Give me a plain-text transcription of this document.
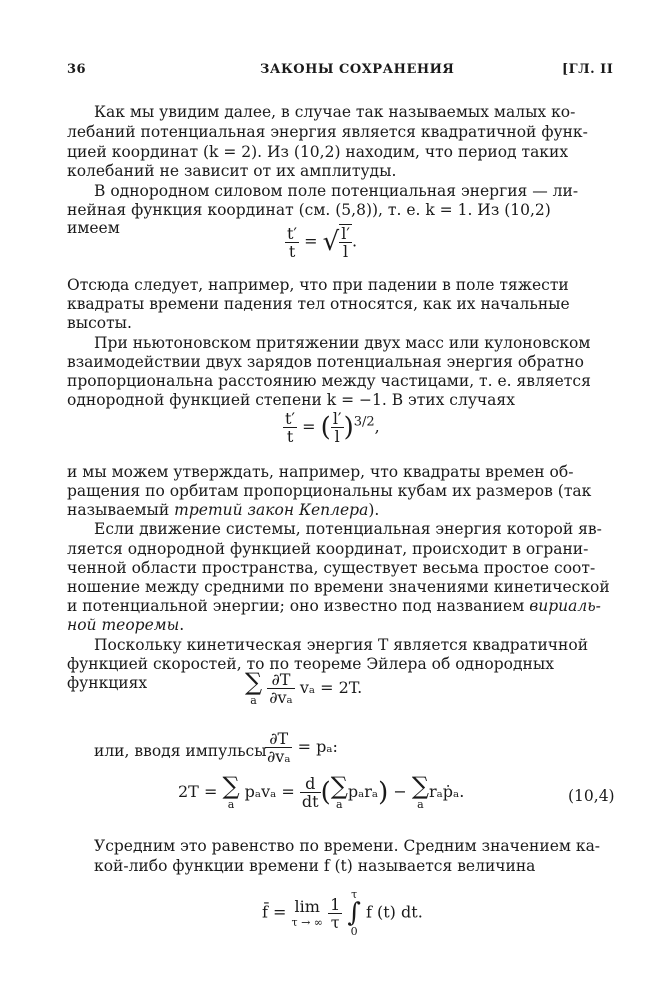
36	ЗАКОНЫ СОХРАНЕНИЯ	[ГЛ. II
Как мы увидим далее, в случае так называемых малых ко-
лебаний потенциальная энергия является квадратичной функ-
цией координат (k = 2). Из (10,2) находим, что период таких
колебаний не зависит от их амплитуды.
В однородном силовом поле потенциальная энергия — ли-
нейная функция координат (см. (5,8)), т. е. k = 1. Из (10,2)
имеем	$\frac{t'}{t}$ = √ $\frac{l'}{l}$ .
Отсюда следует, например, что при падении в поле тяжести
квадраты времени падения тел относятся, как их начальные
высоты.
При ньютоновском притяжении двух масс или кулоновском
взаимодействии двух зарядов потенциальная энергия обратно
пропорциональна расстоянию между частицами, т. е. является
однородной функцией степени k = −1. В этих случаях
$\frac{t'}{t}$ = ( $\frac{l'}{l} )^{3/2}$,
и мы можем утверждать, например, что квадраты времен об-
ращения по орбитам пропорциональны кубам их размеров (так
называемый третий закон Кеплера).
Если движение системы, потенциальная энергия которой яв-
ляется однородной функцией координат, происходит в ограни-
ченной области пространства, существует весьма простое соот-
ношение между средними по времени значениями кинетической
и потенциальной энергии; оно известно под названием вириаль-
ной теоремы.
Поскольку кинетическая энергия T является квадратичной
функцией скоростей, то по теореме Эйлера об однородных
функциях	∑
a
$\frac{\partial T}{\text{∂vₐ}}$ vₐ = 2T.
или, вводя импульсы
$\frac{\partial T}{\text{∂vₐ}} = p_a$:
2T = ∑
a
$p_av_a = \frac{d}{dt}$ ( ∑
a
pₐrₐ) − ∑
a
rₐṗₐ.	(10,4)
Усредним это равенство по времени. Средним значением ка-
кой-либо функции времени f (t) называется величина
f̄ = lim
τ → ∞
$\frac{1}{\tau}$

τ
∫
0
f (t) dt.
